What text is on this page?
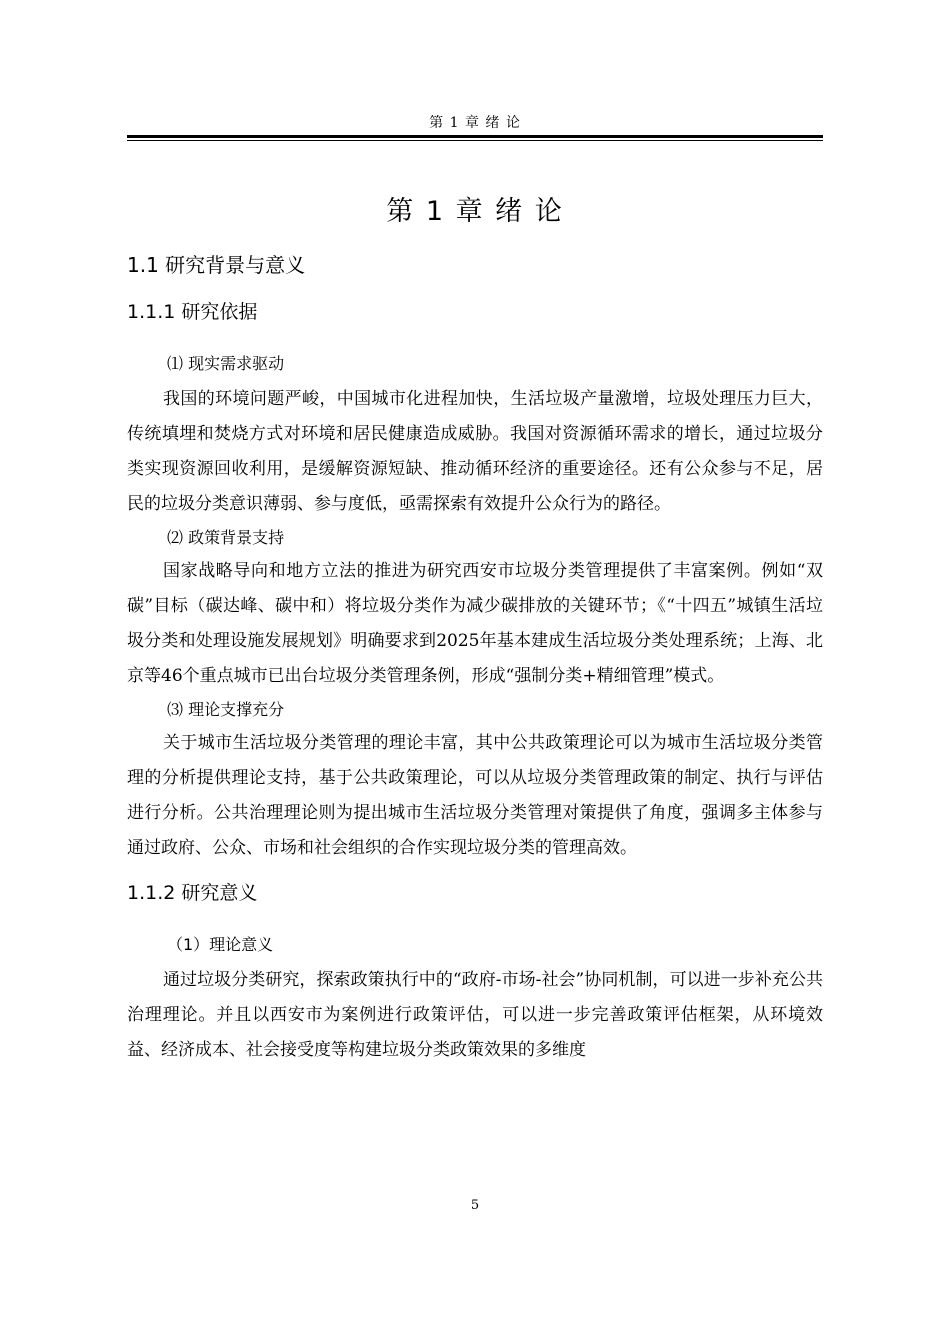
第 1 章 绪 论
第 1 章 绪 论
1.1 研究背景与意义
1.1.1 研究依据
⑴ 现实需求驱动

我国的环境问题严峻，中国城市化进程加快，生活垃圾产量激增，垃圾处理压力巨大，传统填埋和焚烧方式对环境和居民健康造成威胁。我国对资源循环需求的增长，通过垃圾分类实现资源回收利用，是缓解资源短缺、推动循环经济的重要途径。还有公众参与不足，居民的垃圾分类意识薄弱、参与度低，亟需探索有效提升公众行为的路径。

⑵ 政策背景支持

国家战略导向和地方立法的推进为研究西安市垃圾分类管理提供了丰富案例。例如“双碳”目标（碳达峰、碳中和）将垃圾分类作为减少碳排放的关键环节；《“十四五”城镇生活垃圾分类和处理设施发展规划》明确要求到2025年基本建成生活垃圾分类处理系统；上海、北京等46个重点城市已出台垃圾分类管理条例，形成“强制分类+精细管理”模式。

⑶ 理论支撑充分

关于城市生活垃圾分类管理的理论丰富，其中公共政策理论可以为城市生活垃圾分类管理的分析提供理论支持，基于公共政策理论，可以从垃圾分类管理政策的制定、执行与评估进行分析。公共治理理论则为提出城市生活垃圾分类管理对策提供了角度，强调多主体参与通过政府、公众、市场和社会组织的合作实现垃圾分类的管理高效。

1.1.2 研究意义
（1）理论意义

通过垃圾分类研究，探索政策执行中的“政府-市场-社会”协同机制，可以进一步补充公共治理理论。并且以西安市为案例进行政策评估，可以进一步完善政策评估框架，从环境效益、经济成本、社会接受度等构建垃圾分类政策效果的多维度

5
